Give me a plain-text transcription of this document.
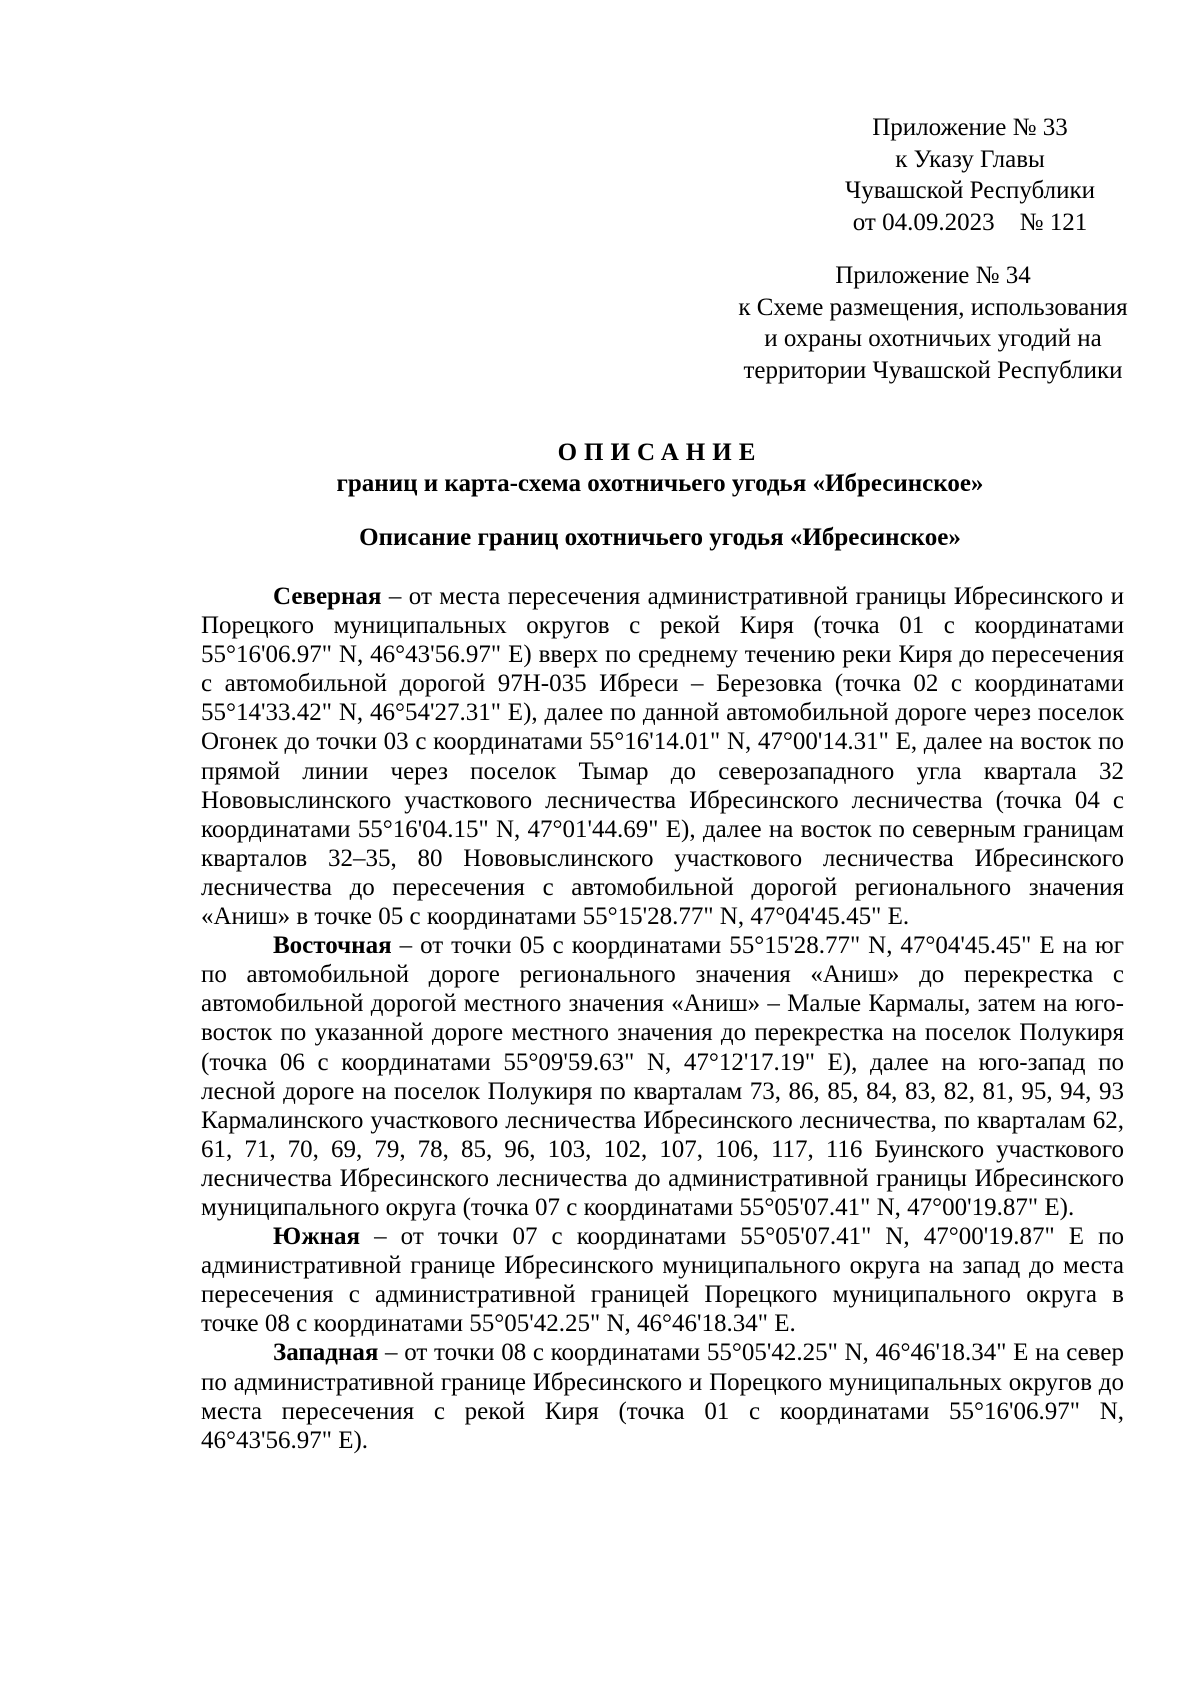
Приложение № 33
к Указу Главы
Чувашской Республики
от 04.09.2023    № 121
Приложение № 34
к Схеме размещения, использования
и охраны охотничьих угодий на
территории Чувашской Республики
ОПИСАНИЕ
границ и карта-схема охотничьего угодья «Ибресинское»
Описание границ охотничьего угодья «Ибресинское»

Северная – от места пересечения административной границы Ибресинского и Порецкого муниципальных округов с рекой Киря (точка 01 с координатами 55°16'06.97" N, 46°43'56.97" E) вверх по среднему течению реки Киря до пересечения с автомобильной дорогой 97Н-035 Ибреси – Березовка (точка 02 с координатами 55°14'33.42" N, 46°54'27.31" E), далее по данной автомобильной дороге через поселок Огонек до точки 03 с координатами 55°16'14.01" N, 47°00'14.31" E, далее на восток по прямой линии через поселок Тымар до северозападного угла квартала 32 Нововыслинского участкового лесничества Ибресинского лесничества (точка 04 с координатами 55°16'04.15" N, 47°01'44.69" E), далее на восток по северным границам кварталов 32–35, 80 Нововыслинского участкового лесничества Ибресинского лесничества до пересечения с автомобильной дорогой регионального значения «Аниш» в точке 05 с координатами 55°15'28.77" N, 47°04'45.45" E.

Восточная – от точки 05 с координатами 55°15'28.77" N, 47°04'45.45" E на юг по автомобильной дороге регионального значения «Аниш» до перекрестка с автомобильной дорогой местного значения «Аниш» – Малые Кармалы, затем на юго-восток по указанной дороге местного значения до перекрестка на поселок Полукиря (точка 06 с координатами 55°09'59.63" N, 47°12'17.19" E), далее на юго-запад по лесной дороге на поселок Полукиря по кварталам 73, 86, 85, 84, 83, 82, 81, 95, 94, 93 Кармалинского участкового лесничества Ибресинского лесничества, по кварталам 62, 61, 71, 70, 69, 79, 78, 85, 96, 103, 102, 107, 106, 117, 116 Буинского участкового лесничества Ибресинского лесничества до административной границы Ибресинского муниципального округа (точка 07 с координатами 55°05'07.41" N, 47°00'19.87" E).

Южная – от точки 07 с координатами 55°05'07.41" N, 47°00'19.87" E по административной границе Ибресинского муниципального округа на запад до места пересечения с административной границей Порецкого муниципального округа в точке 08 с координатами 55°05'42.25" N, 46°46'18.34" E.

Западная – от точки 08 с координатами 55°05'42.25" N, 46°46'18.34" E на север по административной границе Ибресинского и Порецкого муниципальных округов до места пересечения с рекой Киря (точка 01 с координатами 55°16'06.97" N, 46°43'56.97" E).
